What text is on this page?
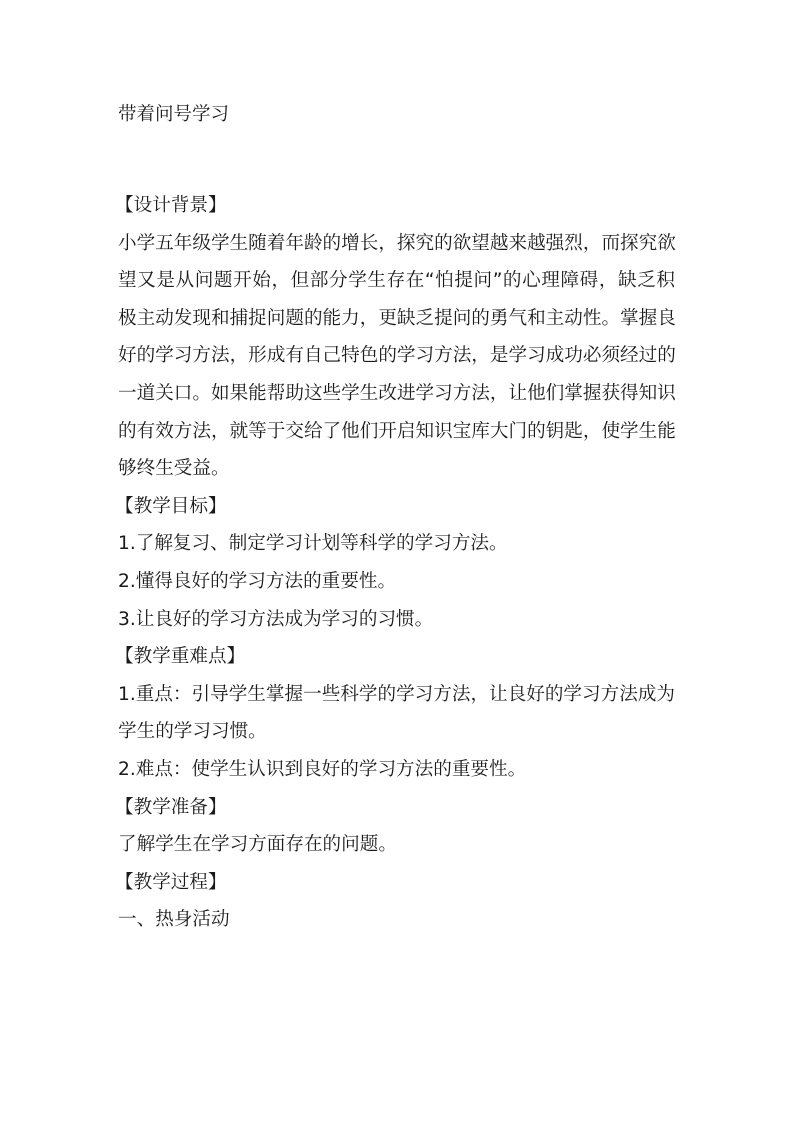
带着问号学习
【设计背景】
小学五年级学生随着年龄的增长，探究的欲望越来越强烈，而探究欲
望又是从问题开始，但部分学生存在“怕提问”的心理障碍，缺乏积
极主动发现和捕捉问题的能力，更缺乏提问的勇气和主动性。掌握良
好的学习方法，形成有自己特色的学习方法，是学习成功必须经过的
一道关口。如果能帮助这些学生改进学习方法，让他们掌握获得知识
的有效方法，就等于交给了他们开启知识宝库大门的钥匙，使学生能
够终生受益。
【教学目标】
1.了解复习、制定学习计划等科学的学习方法。
2.懂得良好的学习方法的重要性。
3.让良好的学习方法成为学习的习惯。
【教学重难点】
1.重点：引导学生掌握一些科学的学习方法，让良好的学习方法成为
学生的学习习惯。
2.难点：使学生认识到良好的学习方法的重要性。
【教学准备】
了解学生在学习方面存在的问题。
【教学过程】
一、热身活动
